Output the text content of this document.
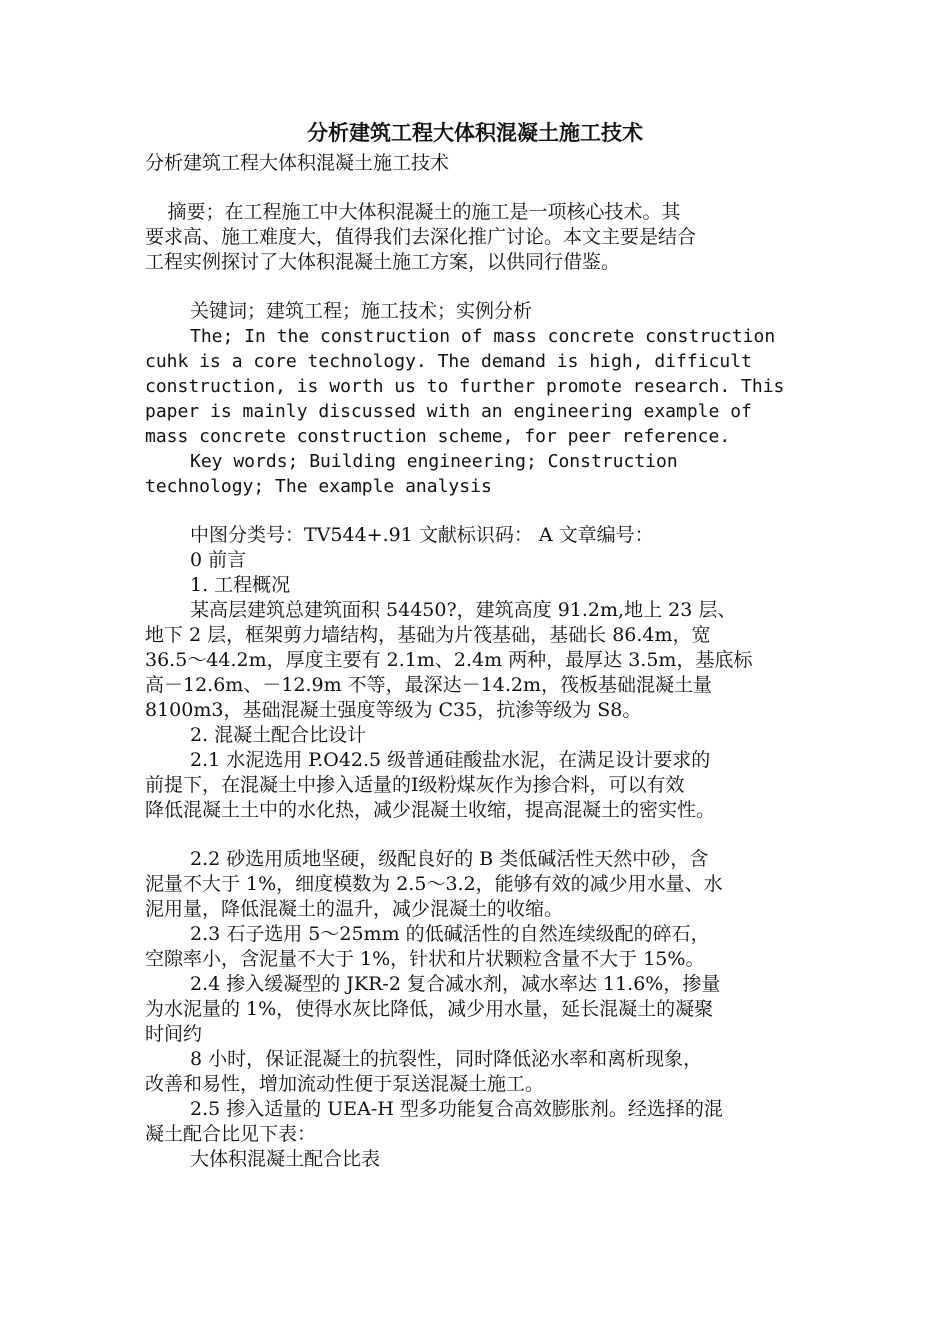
分析建筑工程大体积混凝土施工技术
分析建筑工程大体积混凝土施工技术
摘要；在工程施工中大体积混凝土的施工是一项核心技术。其
要求高、施工难度大，值得我们去深化推广讨论。本文主要是结合
工程实例探讨了大体积混凝土施工方案，以供同行借鉴。
关键词；建筑工程；施工技术；实例分析
The; In the construction of mass concrete construction
cuhk is a core technology. The demand is high, difficult
construction, is worth us to further promote research. This
paper is mainly discussed with an engineering example of
mass concrete construction scheme, for peer reference.
Key words; Building engineering; Construction
technology; The example analysis
中图分类号：TV544+.91 文献标识码： A 文章编号：
0 前言
1. 工程概况
某高层建筑总建筑面积 54450?，建筑高度 91.2m,地上 23 层、
地下 2 层，框架剪力墙结构，基础为片筏基础，基础长 86.4m，宽
36.5～44.2m，厚度主要有 2.1m、2.4m 两种，最厚达 3.5m，基底标
高－12.6m、－12.9m 不等，最深达－14.2m，筏板基础混凝土量
8100m3，基础混凝土强度等级为 C35，抗渗等级为 S8。
2. 混凝土配合比设计
2.1 水泥选用 P.O42.5 级普通硅酸盐水泥，在满足设计要求的
前提下，在混凝土中掺入适量的Ⅰ级粉煤灰作为掺合料，可以有效
降低混凝土土中的水化热，减少混凝土收缩，提高混凝土的密实性。
2.2 砂选用质地坚硬，级配良好的 B 类低碱活性天然中砂，含
泥量不大于 1%，细度模数为 2.5～3.2，能够有效的减少用水量、水
泥用量，降低混凝土的温升，减少混凝土的收缩。
2.3 石子选用 5～25mm 的低碱活性的自然连续级配的碎石，
空隙率小，含泥量不大于 1%，针状和片状颗粒含量不大于 15%。
2.4 掺入缓凝型的 JKR-2 复合减水剂，减水率达 11.6%，掺量
为水泥量的 1%，使得水灰比降低，减少用水量，延长混凝土的凝聚
时间约
8 小时，保证混凝土的抗裂性，同时降低泌水率和离析现象，
改善和易性，增加流动性便于泵送混凝土施工。
2.5 掺入适量的 UEA-H 型多功能复合高效膨胀剂。经选择的混
凝土配合比见下表：
大体积混凝土配合比表
